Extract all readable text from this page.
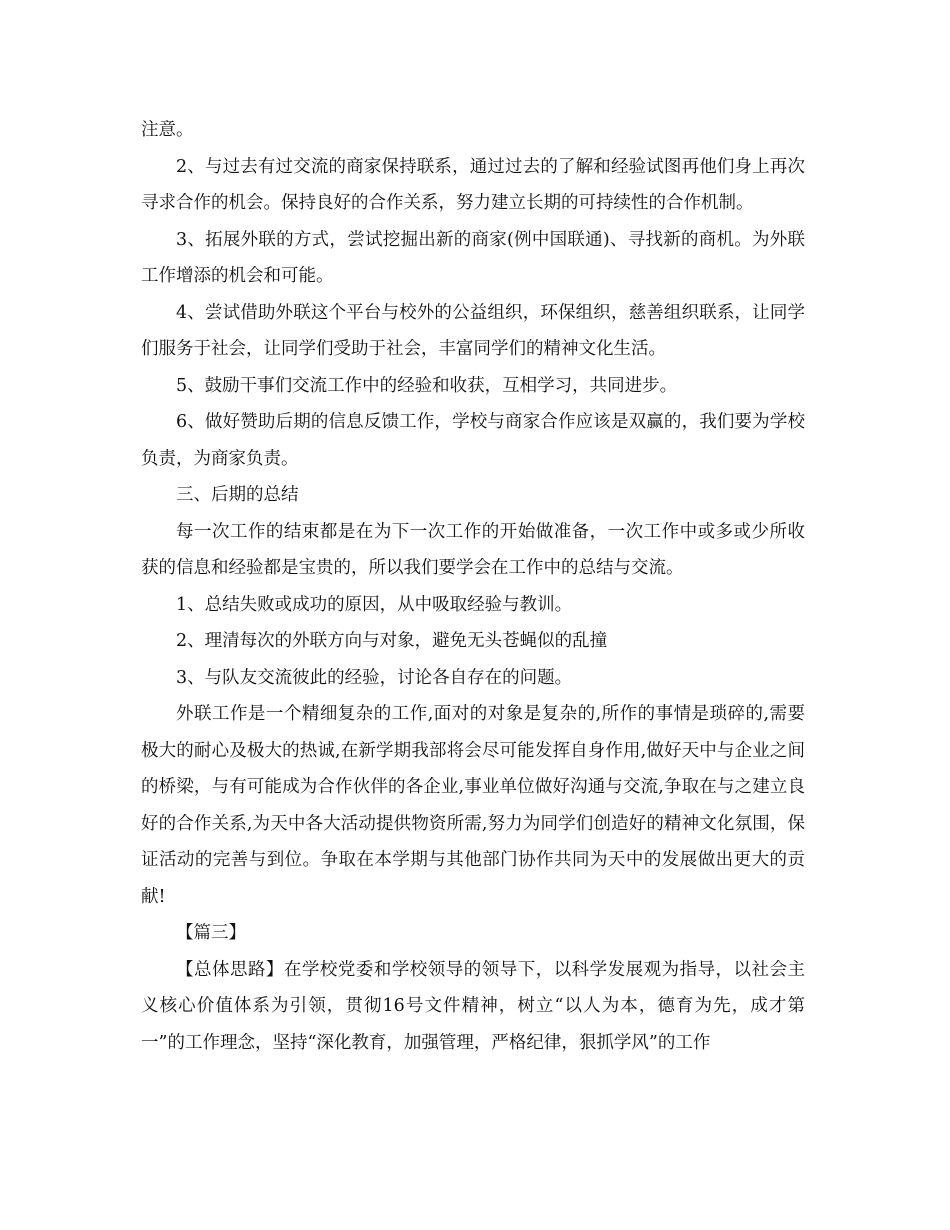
注意。

2、与过去有过交流的商家保持联系，通过过去的了解和经验试图再他们身上再次寻求合作的机会。保持良好的合作关系，努力建立长期的可持续性的合作机制。

3、拓展外联的方式，尝试挖掘出新的商家(例中国联通)、寻找新的商机。为外联工作增添的机会和可能。

4、尝试借助外联这个平台与校外的公益组织，环保组织，慈善组织联系，让同学们服务于社会，让同学们受助于社会，丰富同学们的精神文化生活。

5、鼓励干事们交流工作中的经验和收获，互相学习，共同进步。

6、做好赞助后期的信息反馈工作，学校与商家合作应该是双赢的，我们要为学校负责，为商家负责。

三、后期的总结

每一次工作的结束都是在为下一次工作的开始做准备，一次工作中或多或少所收获的信息和经验都是宝贵的，所以我们要学会在工作中的总结与交流。

1、总结失败或成功的原因，从中吸取经验与教训。

2、理清每次的外联方向与对象，避免无头苍蝇似的乱撞

3、与队友交流彼此的经验，讨论各自存在的问题。

外联工作是一个精细复杂的工作,面对的对象是复杂的,所作的事情是琐碎的,需要极大的耐心及极大的热诚,在新学期我部将会尽可能发挥自身作用,做好天中与企业之间的桥梁，与有可能成为合作伙伴的各企业,事业单位做好沟通与交流,争取在与之建立良好的合作关系,为天中各大活动提供物资所需,努力为同学们创造好的精神文化氛围，保证活动的完善与到位。争取在本学期与其他部门协作共同为天中的发展做出更大的贡献!

【篇三】

【总体思路】在学校党委和学校领导的领导下，以科学发展观为指导，以社会主义核心价值体系为引领，贯彻16号文件精神，树立“以人为本，德育为先，成才第一”的工作理念，坚持“深化教育，加强管理，严格纪律，狠抓学风”的工作
